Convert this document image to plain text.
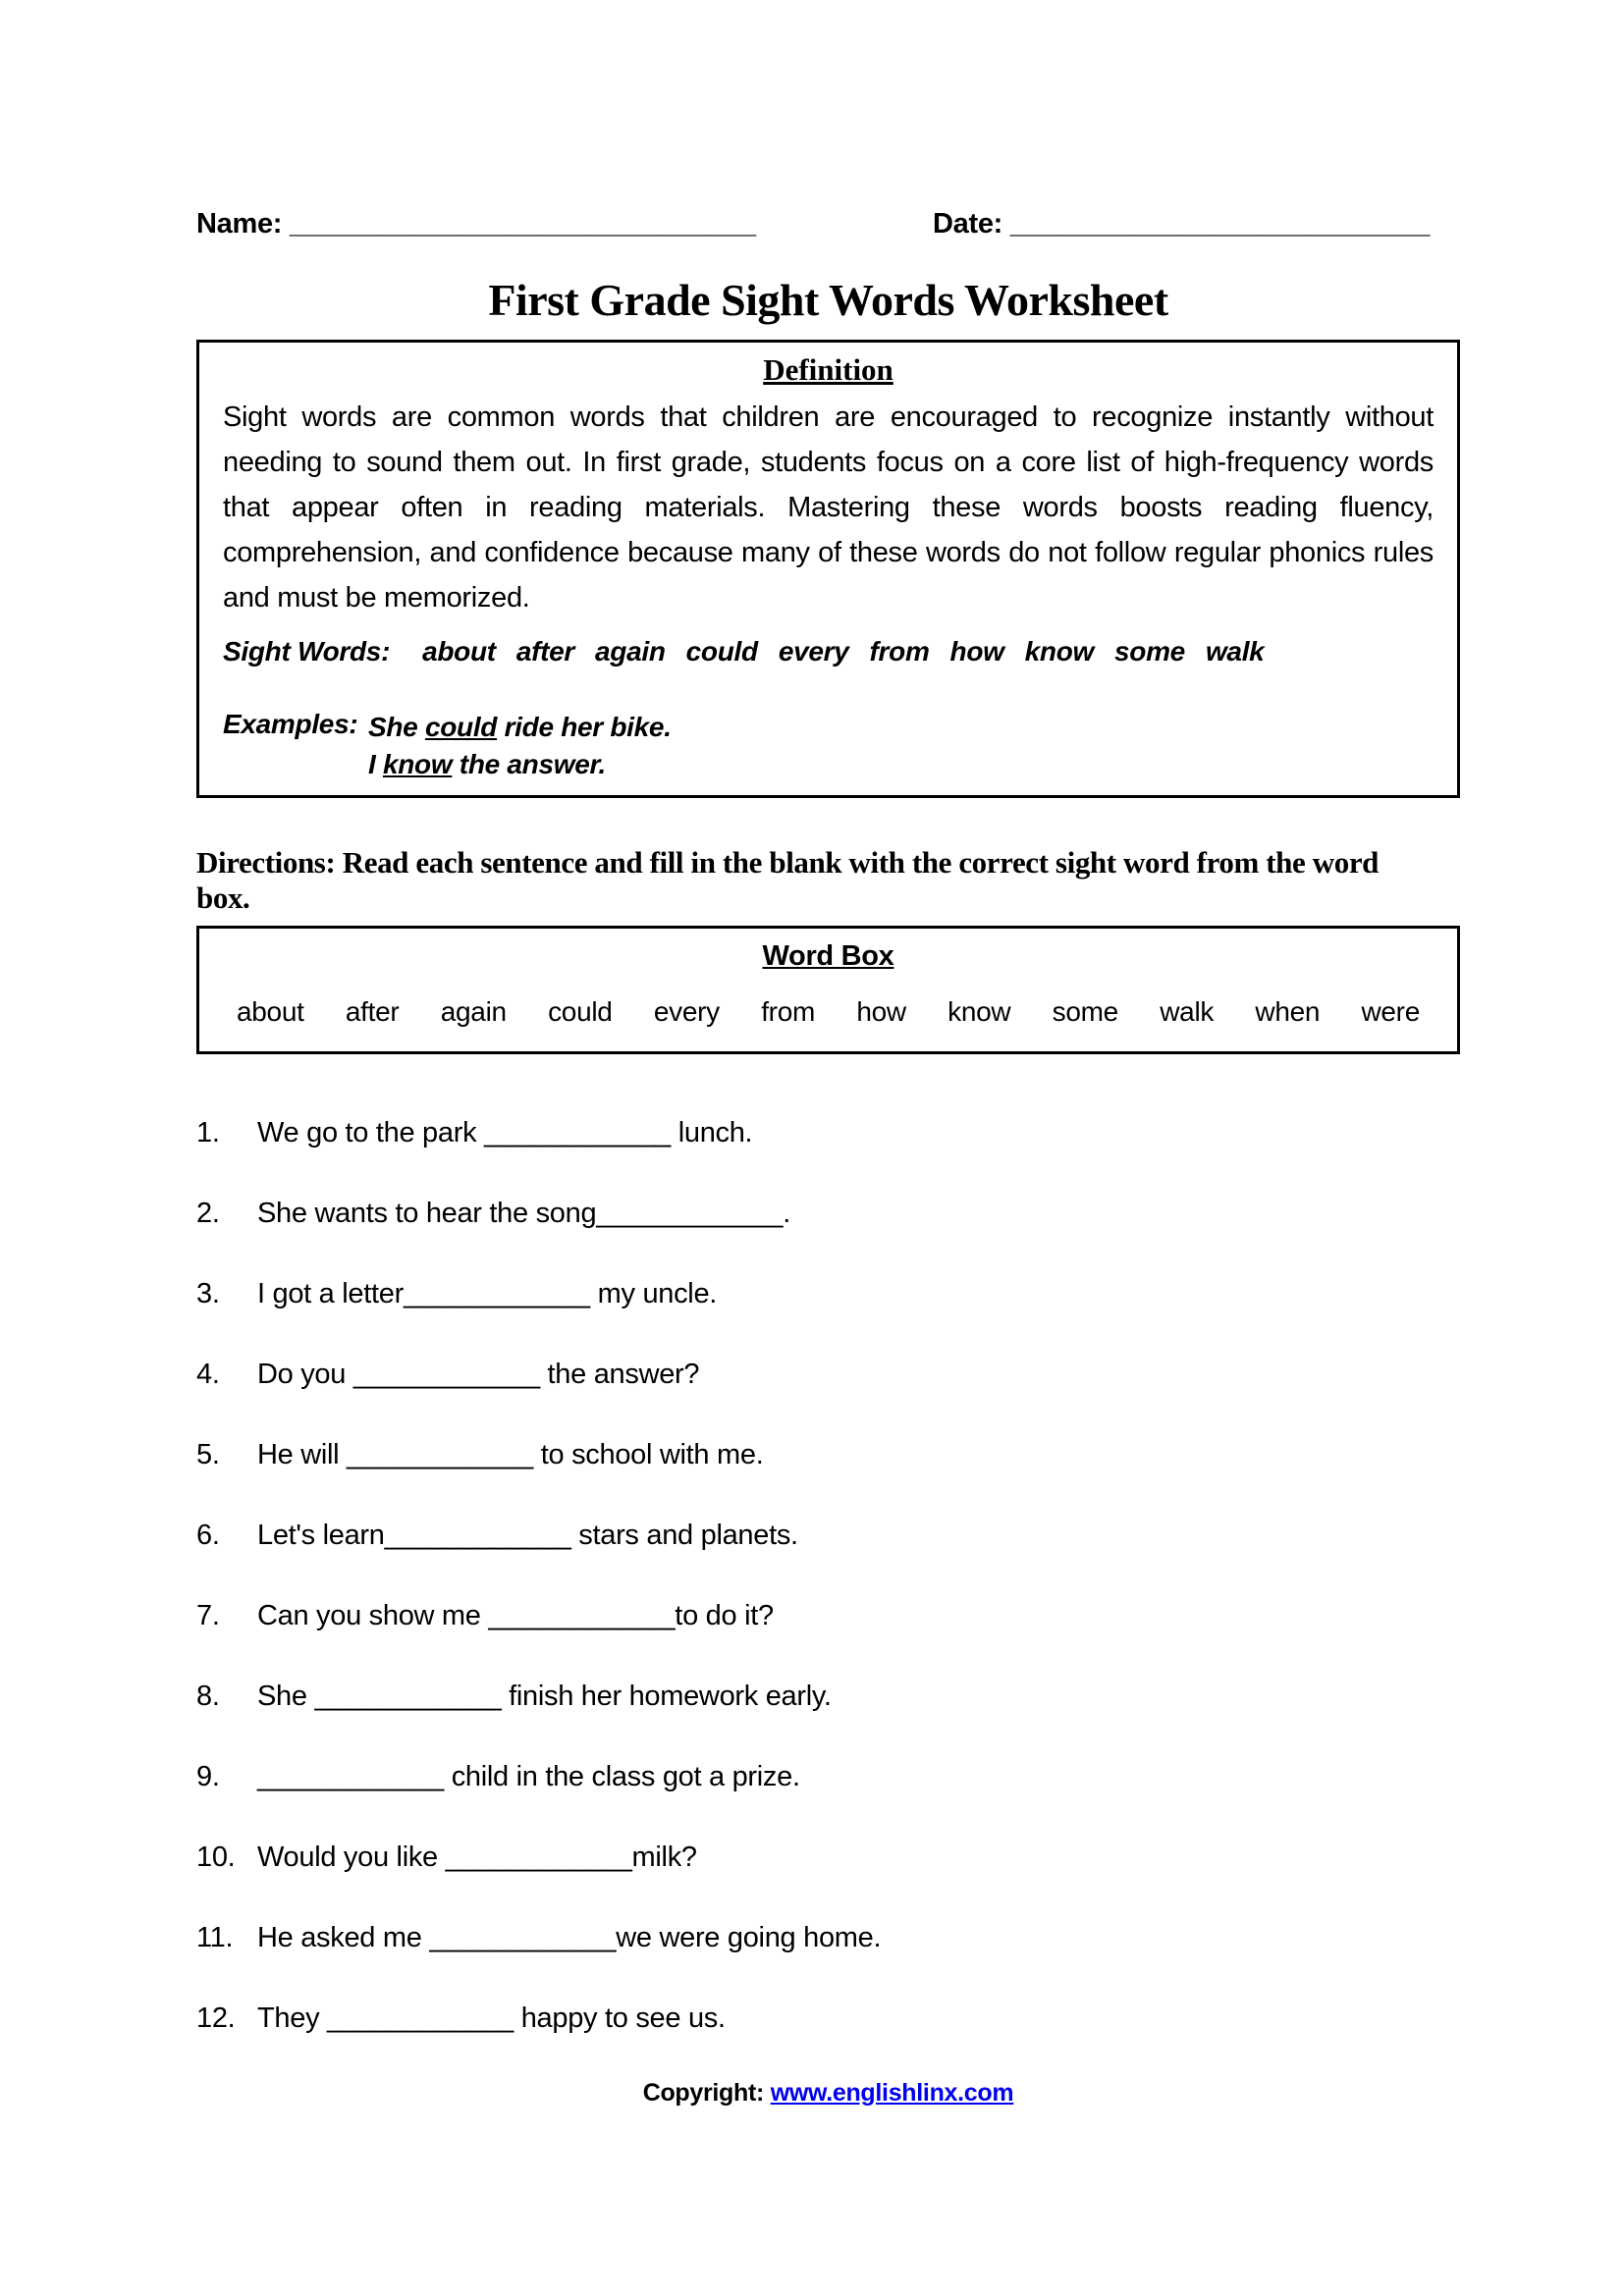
Name: ______________________________	Date: ___________________________
First Grade Sight Words Worksheet
Definition

Sight words are common words that children are encouraged to recognize instantly without needing to sound them out. In first grade, students focus on a core list of high-frequency words that appear often in reading materials. Mastering these words boosts reading fluency, comprehension, and confidence because many of these words do not follow regular phonics rules and must be memorized.

Sight Words: about after again could every from how know some walk
Examples: She could ride her bike.
I know the answer.

Directions: Read each sentence and fill in the blank with the correct sight word from the word box.

Word Box
about after again could every from how know some walk when were
1.	We go to the park ____________ lunch.
2.	She wants to hear the song____________.
3.	I got a letter____________ my uncle.
4.	Do you ____________ the answer?
5.	He will ____________ to school with me.
6.	Let's learn____________ stars and planets.
7.	Can you show me ____________to do it?
8.	She ____________ finish her homework early.
9.	____________ child in the class got a prize.
10. Would you like ____________milk?
11. He asked me ____________we were going home.
12. They ____________ happy to see us.
Copyright: www.englishlinx.com
